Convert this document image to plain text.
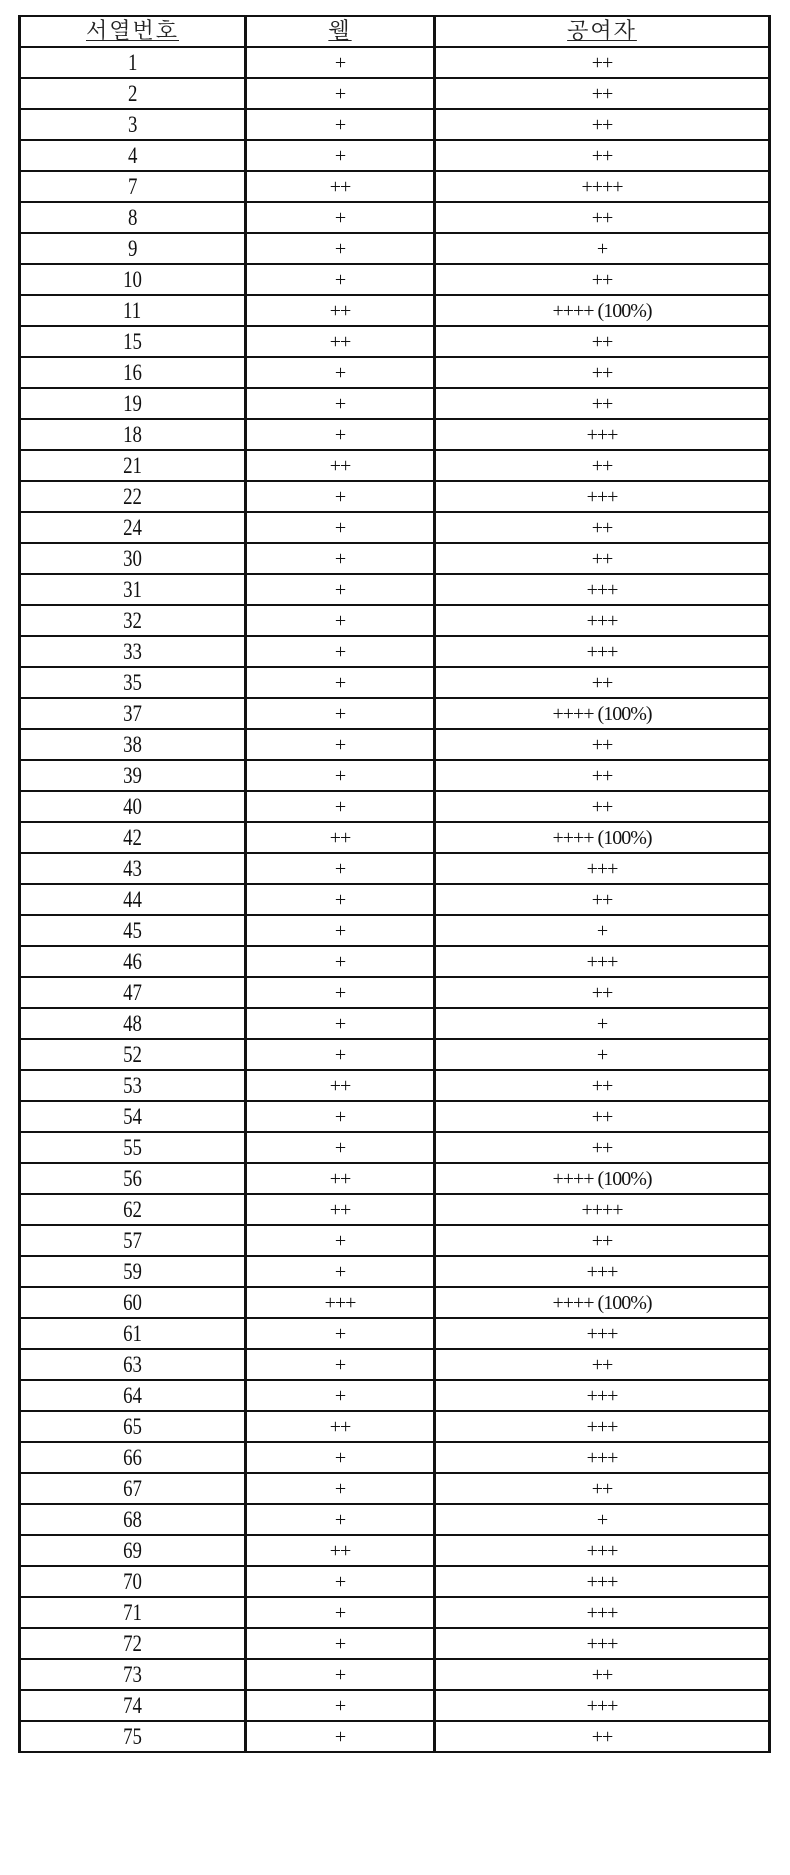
서열번호	웰	공여자
1	+	++
2	+	++
3	+	++
4	+	++
7	++	++++
8	+	++
9	+	+
10	+	++
11	++	++++ (100%)
15	++	++
16	+	++
19	+	++
18	+	+++
21	++	++
22	+	+++
24	+	++
30	+	++
31	+	+++
32	+	+++
33	+	+++
35	+	++
37	+	++++ (100%)
38	+	++
39	+	++
40	+	++
42	++	++++ (100%)
43	+	+++
44	+	++
45	+	+
46	+	+++
47	+	++
48	+	+
52	+	+
53	++	++
54	+	++
55	+	++
56	++	++++ (100%)
62	++	++++
57	+	++
59	+	+++
60	+++	++++ (100%)
61	+	+++
63	+	++
64	+	+++
65	++	+++
66	+	+++
67	+	++
68	+	+
69	++	+++
70	+	+++
71	+	+++
72	+	+++
73	+	++
74	+	+++
75	+	++
